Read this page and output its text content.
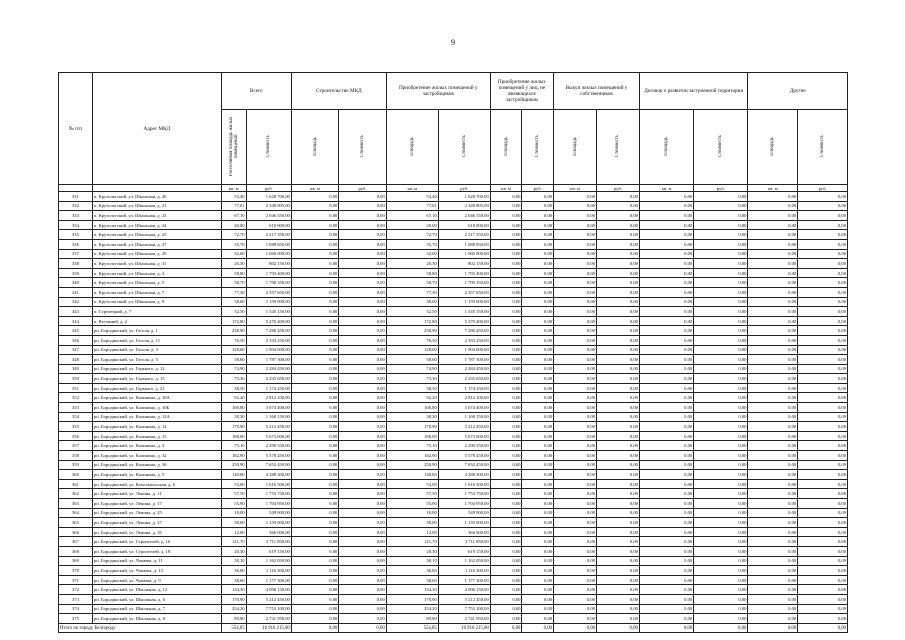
9
№ п/п	Адрес МКД	Всего		Строительство МКД		Приобретение жилых помещений у застройщиков		Приобретение жилых помещений у лиц, не являющихся застройщиком		Выкуп жилых помещений у собственников		Договор о развитии застроенной территории		Другие	
		Расселяемая площадь жилых помещений	Стоимость	Площадь	Стоимость	Площадь	Стоимость	Площадь	Стоимость	Площадь	Стоимость	Площадь	Стоимость	Площадь	Стоимость
		кв. м	руб.	кв. м	руб.	кв. м	руб.	кв. м	руб.	кв. м	руб.	кв. м	руб.	кв. м	руб.
331	п. Крутологский, ул. Школьная, д. 26	53,40	1 628 700,00	0,00	0,00	53,40	1 628 700,00	0,00	0,00	0,00	0,00	0,00	0,00	0,00	0,00
332	п. Крутологский, ул. Школьная, д. 21	77,01	2 348 805,00	0,00	0,00	77,01	2 348 805,00	0,00	0,00	0,00	0,00	0,00	0,00	0,00	0,00
333	п. Крутологский, ул. Школьная, д. 23	67,10	2 046 550,00	0,00	0,00	67,10	2 046 550,00	0,00	0,00	0,00	0,00	0,00	0,00	0,00	0,00
334	п. Крутологский, ул. Школьная, д. 24	20,00	610 000,00	0,00	0,00	20,00	610 000,00	0,00	0,00	0,00	0,00	0,00	0,00	0,00	0,00
335	п. Крутологский, ул. Школьная, д. 25	72,70	2 217 350,00	0,00	0,00	72,70	2 217 350,00	0,00	0,00	0,00	0,00	0,00	0,00	0,00	0,00
336	п. Крутологский, ул. Школьная, д. 27	35,70	1 088 850,00	0,00	0,00	35,70	1 088 850,00	0,00	0,00	0,00	0,00	0,00	0,00	0,00	0,00
337	п. Крутологский, ул. Школьная, д. 29	32,00	1 060 000,00	0,00	0,00	32,00	1 060 000,00	0,00	0,00	0,00	0,00	0,00	0,00	0,00	0,00
338	п. Крутологский, ул. Школьная, д. 31	26,30	802 150,00	0,00	0,00	26,30	802 150,00	0,00	0,00	0,00	0,00	0,00	0,00	0,00	0,00
339	п. Крутологский, ул. Школьная, д. 4	58,80	1 793 400,00	0,00	0,00	58,80	1 793 400,00	0,00	0,00	0,00	0,00	0,00	0,00	0,00	0,00
340	п. Крутологский, ул. Школьная, д. 5	58,70	1 790 350,00	0,00	0,00	58,70	1 790 350,00	0,00	0,00	0,00	0,00	0,00	0,00	0,00	0,00
341	п. Крутологский, ул. Школьная, д. 7	77,30	2 357 650,00	0,00	0,00	77,30	2 357 650,00	0,00	0,00	0,00	0,00	0,00	0,00	0,00	0,00
342	п. Крутологский, ул. Школьная, д. 9	38,00	1 159 000,00	0,00	0,00	38,00	1 159 000,00	0,00	0,00	0,00	0,00	0,00	0,00	0,00	0,00
343	п. Стрелецкий, д. 7	52,50	1 545 150,00	0,00	0,00	52,50	1 545 150,00	0,00	0,00	0,00	0,00	0,00	0,00	0,00	0,00
344	п. Весенний, д. 2	172,80	5 270 400,00	0,00	0,00	172,80	5 270 400,00	0,00	0,00	0,00	0,00	0,00	0,00	0,00	0,00
345	рп. Бородинский, ул. Гоголя, д. 1	238,90	7 286 450,00	0,00	0,00	238,90	7 286 450,00	0,00	0,00	0,00	0,00	0,00	0,00	0,00	0,00
346	рп. Бородинский, ул. Гоголя, д. 11	76,50	2 333 250,00	0,00	0,00	76,50	2 333 250,00	0,00	0,00	0,00	0,00	0,00	0,00	0,00	0,00
347	рп. Бородинский, ул. Гоголя, д. 3	128,00	1 904 000,00	0,00	0,00	128,00	1 904 000,00	0,00	0,00	0,00	0,00	0,00	0,00	0,00	0,00
348	рп. Бородинский, ул. Гоголя, д. 5	58,60	1 787 300,00	0,00	0,00	58,60	1 787 300,00	0,00	0,00	0,00	0,00	0,00	0,00	0,00	0,00
349	рп. Бородинский, ул. Горького, д. 12	74,90	2 284 450,00	0,00	0,00	74,90	2 284 450,00	0,00	0,00	0,00	0,00	0,00	0,00	0,00	0,00
350	рп. Бородинский, ул. Горького, д. 15	73,30	2 235 650,00	0,00	0,00	73,30	2 235 650,00	0,00	0,00	0,00	0,00	0,00	0,00	0,00	0,00
351	рп. Бородинский, ул. Горького, д. 21	38,50	1 174 250,00	0,00	0,00	38,50	1 174 250,00	0,00	0,00	0,00	0,00	0,00	0,00	0,00	0,00
352	рп. Бородинский, ул. Калинина, д. 10А	92,20	2 812 100,00	0,00	0,00	92,20	2 812 100,00	0,00	0,00	0,00	0,00	0,00	0,00	0,00	0,00
353	рп. Бородинский, ул. Калинина, д. 10Б	100,80	3 074 400,00	0,00	0,00	100,80	3 074 400,00	0,00	0,00	0,00	0,00	0,00	0,00	0,00	0,00
354	рп. Бородинский, ул. Калинина, д. 12А	38,30	1 168 150,00	0,00	0,00	38,30	1 168 150,00	0,00	0,00	0,00	0,00	0,00	0,00	0,00	0,00
355	рп. Бородинский, ул. Калинина, д. 14	170,90	5 212 450,00	0,00	0,00	170,90	5 212 450,00	0,00	0,00	0,00	0,00	0,00	0,00	0,00	0,00
356	рп. Бородинский, ул. Калинина, д. 15	186,00	5 673 000,00	0,00	0,00	186,00	5 673 000,00	0,00	0,00	0,00	0,00	0,00	0,00	0,00	0,00
357	рп. Бородинский, ул. Калинина, д. 3	75,10	2 290 550,00	0,00	0,00	75,10	2 290 550,00	0,00	0,00	0,00	0,00	0,00	0,00	0,00	0,00
358	рп. Бородинский, ул. Калинина, д. 32	182,90	5 578 450,00	0,00	0,00	182,90	5 578 450,00	0,00	0,00	0,00	0,00	0,00	0,00	0,00	0,00
359	рп. Бородинский, ул. Калинина, д. 36	250,90	7 652 450,00	0,00	0,00	250,90	7 652 450,00	0,00	0,00	0,00	0,00	0,00	0,00	0,00	0,00
360	рп. Бородинский, ул. Калинина, д. 5	140,60	4 288 300,00	0,00	0,00	140,60	4 288 300,00	0,00	0,00	0,00	0,00	0,00	0,00	0,00	0,00
361	рп. Бородинский, ул. Комсомольская, д. 6	53,00	1 616 500,00	0,00	0,00	53,00	1 616 500,00	0,00	0,00	0,00	0,00	0,00	0,00	0,00	0,00
362	рп. Бородинский, ул. Ленина, д. 11	57,50	1 753 750,00	0,00	0,00	57,50	1 753 750,00	0,00	0,00	0,00	0,00	0,00	0,00	0,00	0,00
363	рп. Бородинский, ул. Ленина, д. 17	55,90	1 704 950,00	0,00	0,00	55,90	1 704 950,00	0,00	0,00	0,00	0,00	0,00	0,00	0,00	0,00
364	рп. Бородинский, ул. Ленина, д. 25	18,00	549 000,00	0,00	0,00	18,00	549 000,00	0,00	0,00	0,00	0,00	0,00	0,00	0,00	0,00
365	рп. Бородинский, ул. Ленина, д. 27	38,00	1 159 000,00	0,00	0,00	38,00	1 159 000,00	0,00	0,00	0,00	0,00	0,00	0,00	0,00	0,00
366	рп. Бородинский, ул. Ленина, д. 35	12,00	366 000,00	0,00	0,00	12,00	366 000,00	0,00	0,00	0,00	0,00	0,00	0,00	0,00	0,00
367	рп. Бородинский, ул. Строителей, д. 16	121,70	3 711 850,00	0,00	0,00	121,70	3 711 850,00	0,00	0,00	0,00	0,00	0,00	0,00	0,00	0,00
368	рп. Бородинский, ул. Строителей, д. 18	20,30	619 150,00	0,00	0,00	20,30	619 150,00	0,00	0,00	0,00	0,00	0,00	0,00	0,00	0,00
369	рп. Бородинский, ул. Чапаева, д. 11	38,10	1 162 050,00	0,00	0,00	38,10	1 162 050,00	0,00	0,00	0,00	0,00	0,00	0,00	0,00	0,00
370	рп. Бородинский, ул. Чапаева, д. 13	36,60	1 116 300,00	0,00	0,00	36,60	1 116 300,00	0,00	0,00	0,00	0,00	0,00	0,00	0,00	0,00
371	рп. Бородинский, ул. Чапаева, д. 9	38,60	1 177 300,00	0,00	0,00	38,60	1 177 300,00	0,00	0,00	0,00	0,00	0,00	0,00	0,00	0,00
372	рп. Бородинский, ул. Школьная, д. 12	134,30	4 096 150,00	0,00	0,00	134,30	4 096 150,00	0,00	0,00	0,00	0,00	0,00	0,00	0,00	0,00
373	рп. Бородинский, ул. Школьная, д. 6	170,90	5 212 450,00	0,00	0,00	170,90	5 212 450,00	0,00	0,00	0,00	0,00	0,00	0,00	0,00	0,00
374	рп. Бородинский, ул. Школьная, д. 7	254,20	7 753 100,00	0,00	0,00	254,20	7 753 100,00	0,00	0,00	0,00	0,00	0,00	0,00	0,00	0,00
375	рп. Бородинский, ул. Школьная, д. 8	89,80	2 741 950,00	0,00	0,00	89,80	2 741 950,00	0,00	0,00	0,00	0,00	0,00	0,00	0,00	0,00
Итого по городу Белгороду		554,85	16 916 215,00	0,00	0,00	554,85	16 916 215,00	0,00	0,00	0,00	0,00	0,00	0,00	0,00	0,00
